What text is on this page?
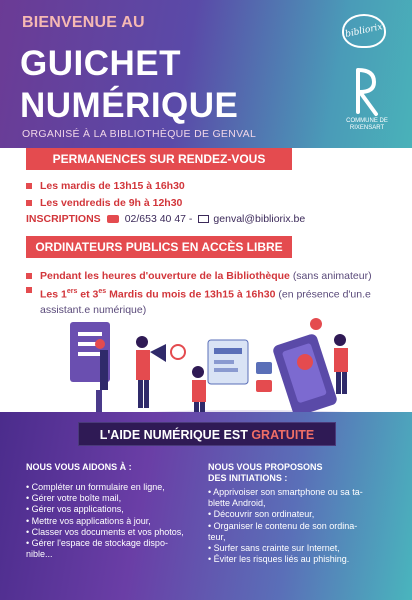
BIENVENUE AU
GUICHET
NUMÉRIQUE
ORGANISÉ À LA BIBLIOTHÈQUE DE GENVAL
bibliorix
COMMUNE DE RIXENSART
PERMANENCES SUR RENDEZ-VOUS
Les mardis de 13h15 à 16h30
Les vendredis de 9h à 12h30
INSCRIPTIONS 02/653 40 47 - genval@bibliorix.be
ORDINATEURS PUBLICS EN ACCÈS LIBRE
Pendant les heures d'ouverture de la Bibliothèque (sans animateur)
Les 1ers et $3^{es}$ Mardis du mois de 13h15 à 16h30 (en présence d'un.e assistant.e numérique)
L'AIDE NUMÉRIQUE EST GRATUITE
NOUS VOUS AIDONS À :
• Compléter un formulaire en ligne,
• Gérer votre boîte mail,
• Gérer vos applications,
• Mettre vos applications à jour,
• Classer vos documents et vos photos,
• Gérer l'espace de stockage dispo-
nible...
NOUS VOUS PROPOSONS
DES INITIATIONS :
• Apprivoiser son smartphone ou sa ta-
blette Android,
• Découvrir son ordinateur,
• Organiser le contenu de son ordina-
teur,
• Surfer sans crainte sur Internet,
• Éviter les risques liés au phishing.
